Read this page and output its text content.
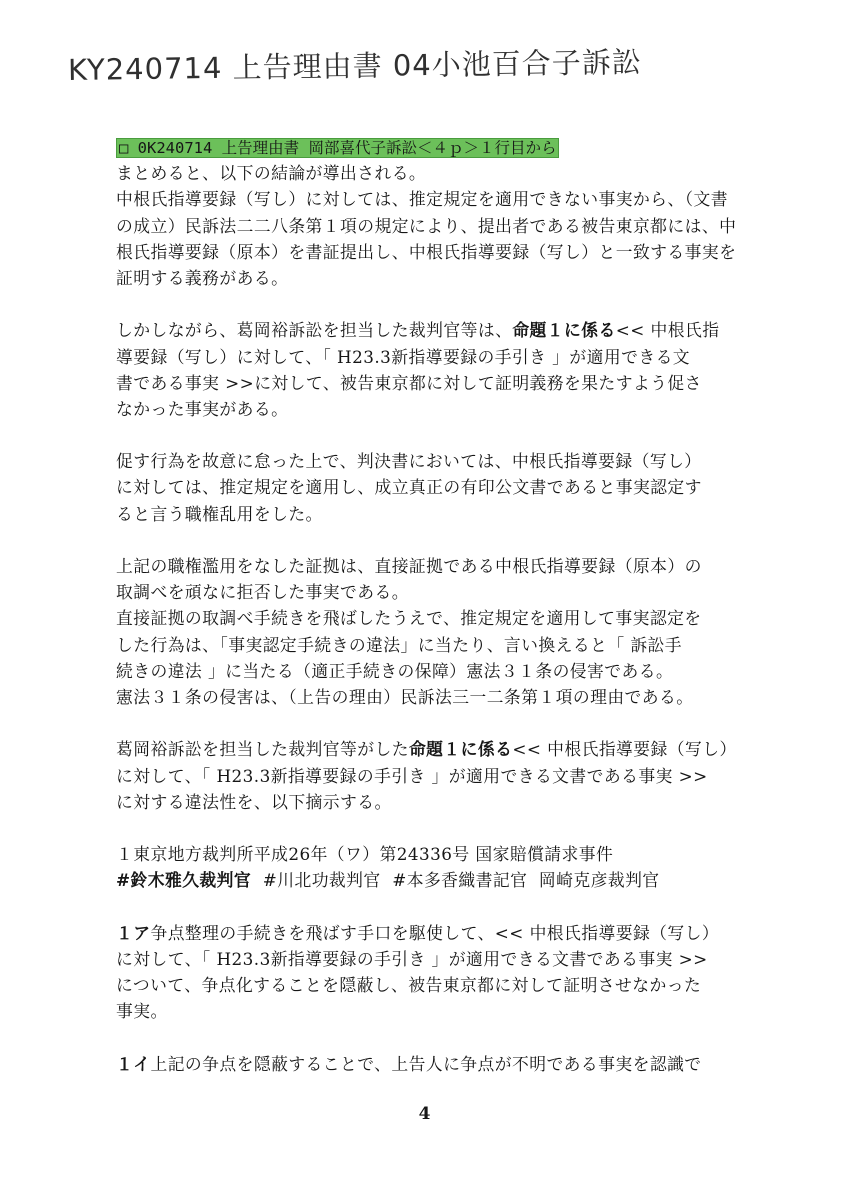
KY240714 上告理由書 04小池百合子訴訟
□ 0K240714 上告理由書 岡部喜代子訴訟＜４ｐ＞１行目から
まとめると、以下の結論が導出される。
中根氏指導要録（写し）に対しては、推定規定を適用できない事実から、（文書
の成立）民訴法二二八条第１項の規定により、提出者である被告東京都には、中
根氏指導要録（原本）を書証提出し、中根氏指導要録（写し）と一致する事実を
証明する義務がある。
しかしながら、葛岡裕訴訟を担当した裁判官等は、命題１に係る<< 中根氏指
導要録（写し）に対して、「 H23.3新指導要録の手引き 」が適用できる文
書である事実 >>に対して、被告東京都に対して証明義務を果たすよう促さ
なかった事実がある。
促す行為を故意に怠った上で、判決書においては、中根氏指導要録（写し）
に対しては、推定規定を適用し、成立真正の有印公文書であると事実認定す
ると言う職権乱用をした。
上記の職権濫用をなした証拠は、直接証拠である中根氏指導要録（原本）の
取調べを頑なに拒否した事実である。
直接証拠の取調べ手続きを飛ばしたうえで、推定規定を適用して事実認定を
した行為は、「事実認定手続きの違法」に当たり、言い換えると「 訴訟手
続きの違法 」に当たる（適正手続きの保障）憲法３１条の侵害である。
憲法３１条の侵害は、（上告の理由）民訴法三一二条第１項の理由である。
葛岡裕訴訟を担当した裁判官等がした命題１に係る<< 中根氏指導要録（写し）
に対して、「 H23.3新指導要録の手引き 」が適用できる文書である事実 >>
に対する違法性を、以下摘示する。
１東京地方裁判所平成26年（ワ）第24336号 国家賠償請求事件
#鈴木雅久裁判官 #川北功裁判官 #本多香織書記官 岡崎克彦裁判官
１ア争点整理の手続きを飛ばす手口を駆使して、<< 中根氏指導要録（写し）
に対して、「 H23.3新指導要録の手引き 」が適用できる文書である事実 >>
について、争点化することを隠蔽し、被告東京都に対して証明させなかった
事実。
１イ上記の争点を隠蔽することで、上告人に争点が不明である事実を認識で
4
